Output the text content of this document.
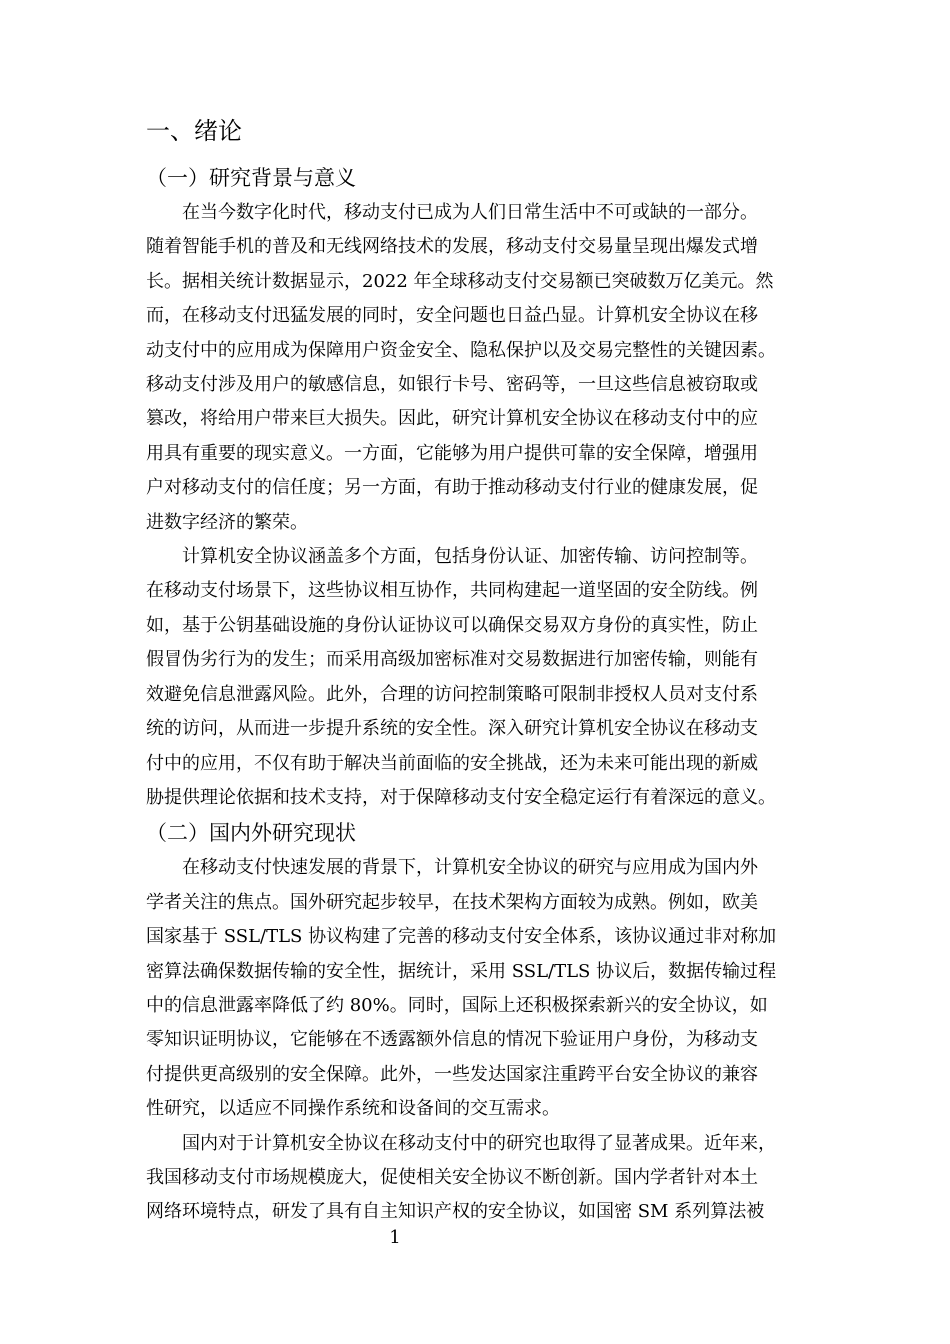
一、绪论
（一）研究背景与意义
在当今数字化时代，移动支付已成为人们日常生活中不可或缺的一部分。
随着智能手机的普及和无线网络技术的发展，移动支付交易量呈现出爆发式增
长。据相关统计数据显示，2022 年全球移动支付交易额已突破数万亿美元。然
而，在移动支付迅猛发展的同时，安全问题也日益凸显。计算机安全协议在移
动支付中的应用成为保障用户资金安全、隐私保护以及交易完整性的关键因素。
移动支付涉及用户的敏感信息，如银行卡号、密码等，一旦这些信息被窃取或
篡改，将给用户带来巨大损失。因此，研究计算机安全协议在移动支付中的应
用具有重要的现实意义。一方面，它能够为用户提供可靠的安全保障，增强用
户对移动支付的信任度；另一方面，有助于推动移动支付行业的健康发展，促
进数字经济的繁荣。
计算机安全协议涵盖多个方面，包括身份认证、加密传输、访问控制等。
在移动支付场景下，这些协议相互协作，共同构建起一道坚固的安全防线。例
如，基于公钥基础设施的身份认证协议可以确保交易双方身份的真实性，防止
假冒伪劣行为的发生；而采用高级加密标准对交易数据进行加密传输，则能有
效避免信息泄露风险。此外，合理的访问控制策略可限制非授权人员对支付系
统的访问，从而进一步提升系统的安全性。深入研究计算机安全协议在移动支
付中的应用，不仅有助于解决当前面临的安全挑战，还为未来可能出现的新威
胁提供理论依据和技术支持，对于保障移动支付安全稳定运行有着深远的意义。
（二）国内外研究现状
在移动支付快速发展的背景下，计算机安全协议的研究与应用成为国内外
学者关注的焦点。国外研究起步较早，在技术架构方面较为成熟。例如，欧美
国家基于 SSL/TLS 协议构建了完善的移动支付安全体系，该协议通过非对称加
密算法确保数据传输的安全性，据统计，采用 SSL/TLS 协议后，数据传输过程
中的信息泄露率降低了约 80%。同时，国际上还积极探索新兴的安全协议，如
零知识证明协议，它能够在不透露额外信息的情况下验证用户身份，为移动支
付提供更高级别的安全保障。此外，一些发达国家注重跨平台安全协议的兼容
性研究，以适应不同操作系统和设备间的交互需求。
国内对于计算机安全协议在移动支付中的研究也取得了显著成果。近年来，
我国移动支付市场规模庞大，促使相关安全协议不断创新。国内学者针对本土
网络环境特点，研发了具有自主知识产权的安全协议，如国密 SM 系列算法被
1
